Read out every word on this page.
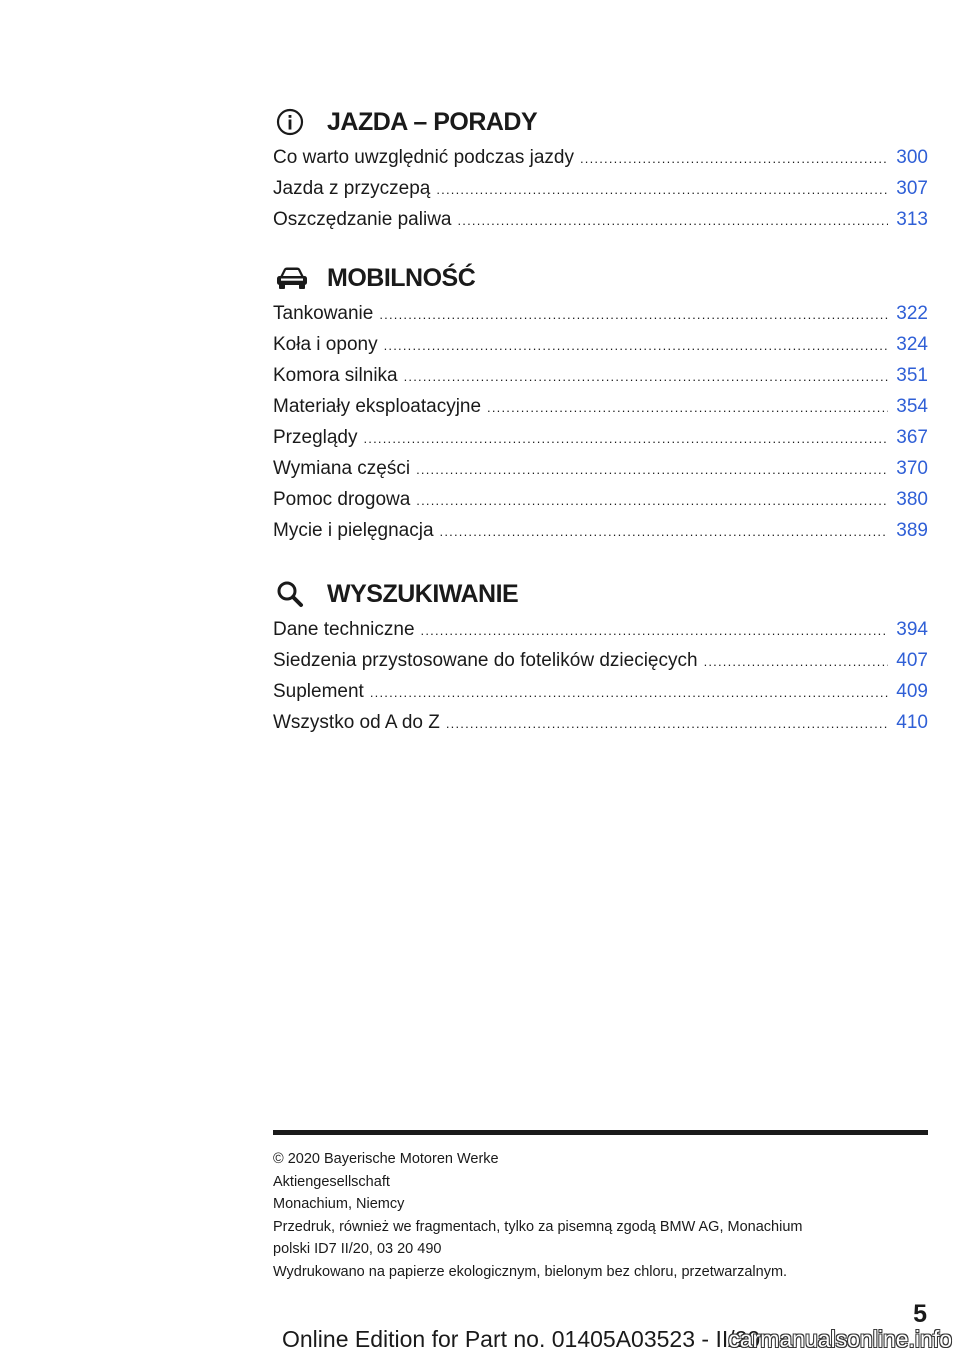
JAZDA – PORADY
Co warto uwzględnić podczas jazdy .....	300
Jazda z przyczepą .....	307
Oszczędzanie paliwa .....	313
MOBILNOŚĆ
Tankowanie .....	322
Koła i opony .....	324
Komora silnika .....	351
Materiały eksploatacyjne .....	354
Przeglądy .....	367
Wymiana części .....	370
Pomoc drogowa .....	380
Mycie i pielęgnacja .....	389
WYSZUKIWANIE
Dane techniczne .....	394
Siedzenia przystosowane do fotelików dziecięcych .....	407
Suplement .....	409
Wszystko od A do Z .....	410
© 2020 Bayerische Motoren Werke
Aktiengesellschaft
Monachium, Niemcy
Przedruk, również we fragmentach, tylko za pisemną zgodą BMW AG, Monachium
polski ID7 II/20, 03 20 490
Wydrukowano na papierze ekologicznym, bielonym bez chloru, przetwarzalnym.
5
Online Edition for Part no. 01405A03523 - II/20
carmanualsonline.info
